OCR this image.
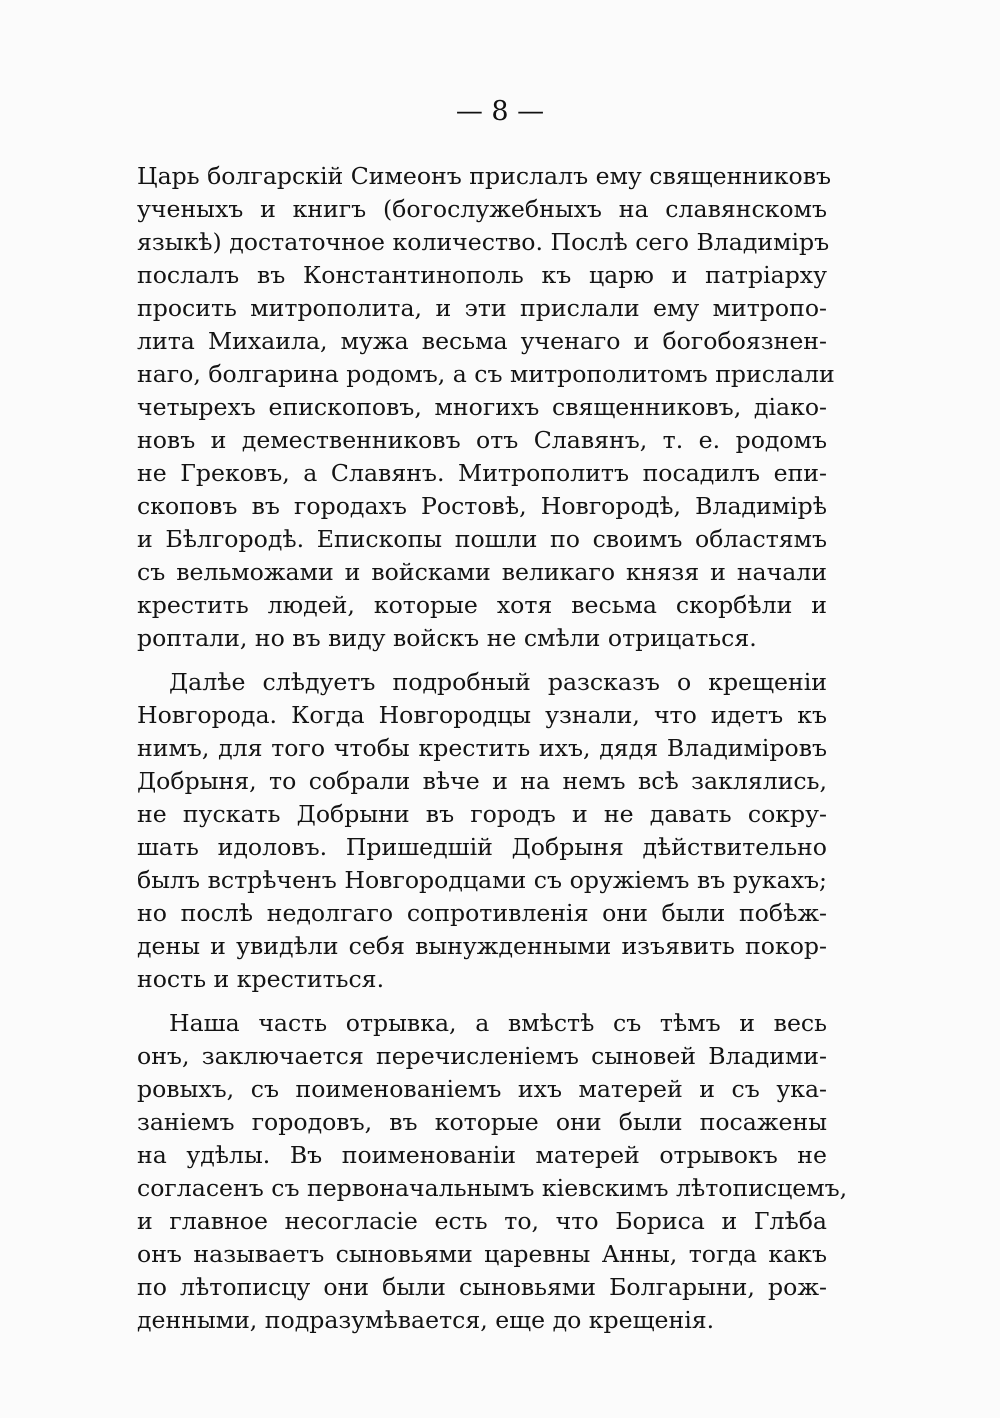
— 8 —
Царь болгарскій Симеонъ прислалъ ему священниковъ
ученыхъ и книгъ (богослужебныхъ на славянскомъ
языкѣ) достаточное количество. Послѣ сего Владиміръ
послалъ въ Константинополь къ царю и патріарху
просить митрополита, и эти прислали ему митропо-
лита Михаила, мужа весьма ученаго и богобоязнен-
наго, болгарина родомъ, а съ митрополитомъ прислали
четырехъ епископовъ, многихъ священниковъ, діако-
новъ и демественниковъ отъ Славянъ, т. е. родомъ
не Грековъ, а Славянъ. Митрополитъ посадилъ епи-
скоповъ въ городахъ Ростовѣ, Новгородѣ, Владимірѣ
и Бѣлгородѣ. Епископы пошли по своимъ областямъ
съ вельможами и войсками великаго князя и начали
крестить людей, которые хотя весьма скорбѣли и
роптали, но въ виду войскъ не смѣли отрицаться.
Далѣе слѣдуетъ подробный разсказъ о крещеніи
Новгорода. Когда Новгородцы узнали, что идетъ къ
нимъ, для того чтобы крестить ихъ, дядя Владиміровъ
Добрыня, то собрали вѣче и на немъ всѣ заклялись,
не пускать Добрыни въ городъ и не давать сокру-
шать идоловъ. Пришедшій Добрыня дѣйствительно
былъ встрѣченъ Новгородцами съ оружіемъ въ рукахъ;
но послѣ недолгаго сопротивленія они были побѣж-
дены и увидѣли себя вынужденными изъявить покор-
ность и креститься.
Наша часть отрывка, а вмѣстѣ съ тѣмъ и весь
онъ, заключается перечисленіемъ сыновей Владими-
ровыхъ, съ поименованіемъ ихъ матерей и съ ука-
заніемъ городовъ, въ которые они были посажены
на удѣлы. Въ поименованіи матерей отрывокъ не
согласенъ съ первоначальнымъ кіевскимъ лѣтописцемъ,
и главное несогласіе есть то, что Бориса и Глѣба
онъ называетъ сыновьями царевны Анны, тогда какъ
по лѣтописцу они были сыновьями Болгарыни, рож-
денными, подразумѣвается, еще до крещенія.
